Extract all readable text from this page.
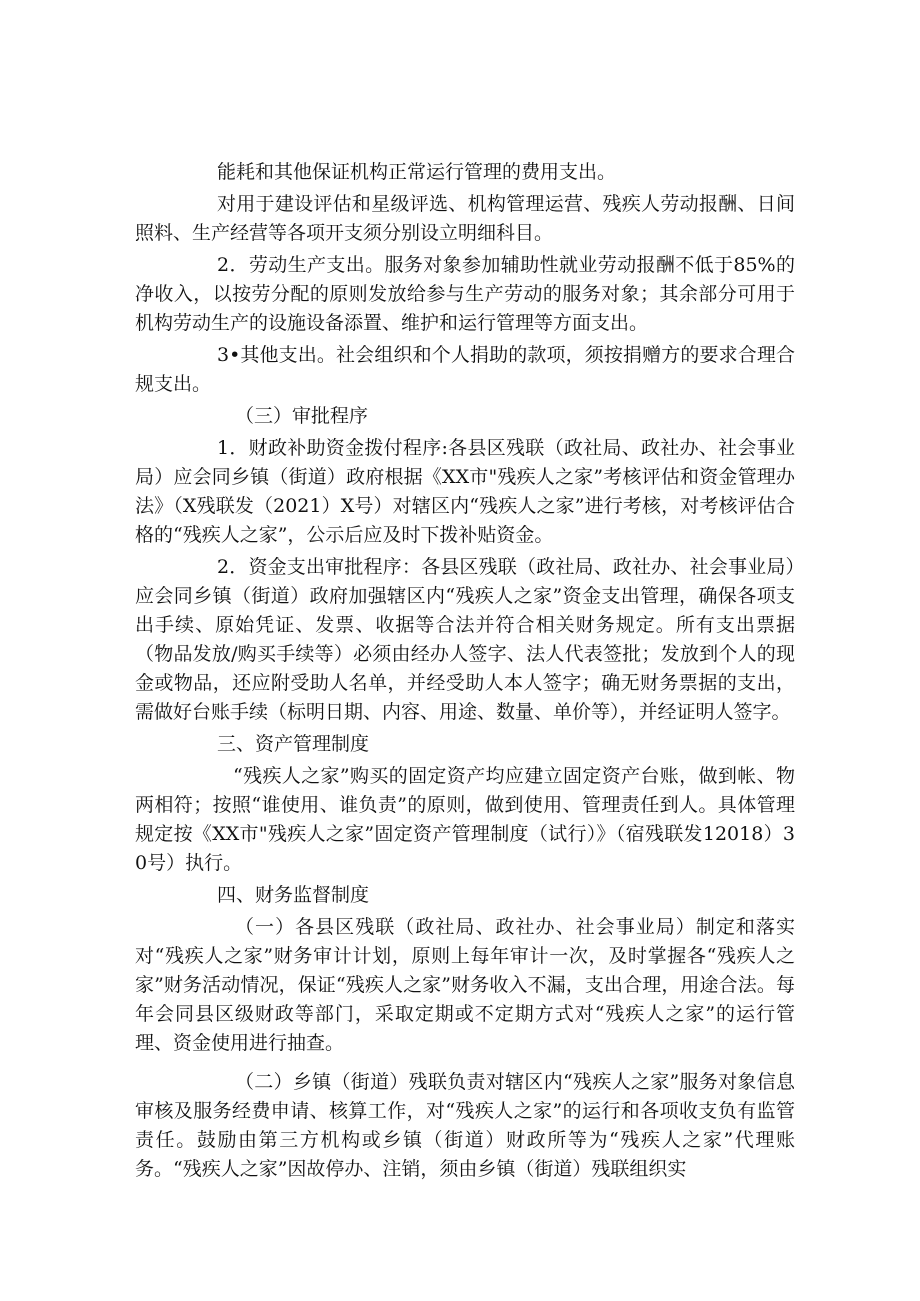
能耗和其他保证机构正常运行管理的费用支出。

对用于建设评估和星级评选、机构管理运营、残疾人劳动报酬、日间照料、生产经营等各项开支须分别设立明细科目。

2．劳动生产支出。服务对象参加辅助性就业劳动报酬不低于85%的净收入，以按劳分配的原则发放给参与生产劳动的服务对象；其余部分可用于机构劳动生产的设施设备添置、维护和运行管理等方面支出。

3•其他支出。社会组织和个人捐助的款项，须按捐赠方的要求合理合规支出。

（三）审批程序

1．财政补助资金拨付程序:各县区残联（政社局、政社办、社会事业局）应会同乡镇（街道）政府根据《XX市"残疾人之家”考核评估和资金管理办法》（X残联发（2021）X号）对辖区内“残疾人之家”进行考核，对考核评估合格的“残疾人之家”，公示后应及时下拨补贴资金。

2．资金支出审批程序：各县区残联（政社局、政社办、社会事业局）应会同乡镇（街道）政府加强辖区内“残疾人之家”资金支出管理，确保各项支出手续、原始凭证、发票、收据等合法并符合相关财务规定。所有支出票据（物品发放/购买手续等）必须由经办人签字、法人代表签批；发放到个人的现金或物品，还应附受助人名单，并经受助人本人签字；确无财务票据的支出，需做好台账手续（标明日期、内容、用途、数量、单价等），并经证明人签字。

三、资产管理制度

“残疾人之家”购买的固定资产均应建立固定资产台账，做到帐、物两相符；按照“谁使用、谁负责”的原则，做到使用、管理责任到人。具体管理规定按《XX市"残疾人之家”固定资产管理制度（试行）》（宿残联发12018）30号）执行。

四、财务监督制度

（一）各县区残联（政社局、政社办、社会事业局）制定和落实对“残疾人之家”财务审计计划，原则上每年审计一次，及时掌握各“残疾人之家”财务活动情况，保证“残疾人之家”财务收入不漏，支出合理，用途合法。每年会同县区级财政等部门，采取定期或不定期方式对“残疾人之家”的运行管理、资金使用进行抽查。

（二）乡镇（街道）残联负责对辖区内“残疾人之家”服务对象信息审核及服务经费申请、核算工作，对“残疾人之家”的运行和各项收支负有监管责任。鼓励由第三方机构或乡镇（街道）财政所等为“残疾人之家”代理账务。“残疾人之家”因故停办、注销，须由乡镇（街道）残联组织实
